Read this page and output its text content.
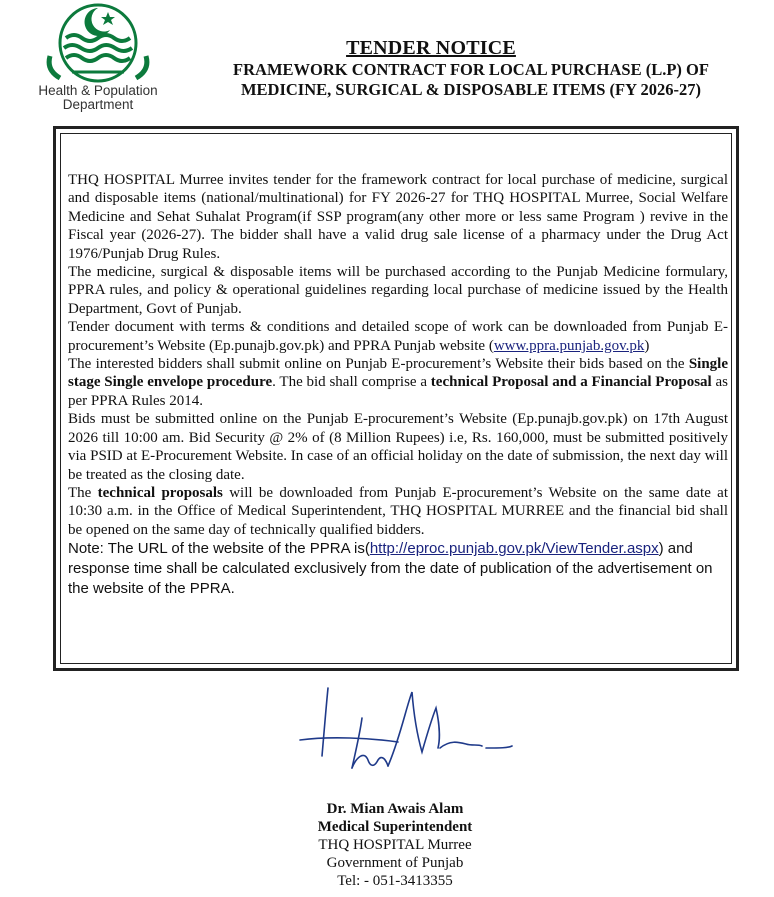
Health & Population
Department
TENDER NOTICE
FRAMEWORK CONTRACT FOR LOCAL PURCHASE (L.P) OF
MEDICINE, SURGICAL & DISPOSABLE ITEMS (FY 2026-27)

THQ HOSPITAL Murree invites tender for the framework contract for local purchase of medicine, surgical and disposable items (national/multinational) for FY 2026-27 for THQ HOSPITAL Murree, Social Welfare Medicine and Sehat Suhalat Program(if SSP program(any other more or less same Program ) revive in the Fiscal year (2026-27). The bidder shall have a valid drug sale license of a pharmacy under the Drug Act 1976/Punjab Drug Rules.

The medicine, surgical & disposable items will be purchased according to the Punjab Medicine formulary, PPRA rules, and policy & operational guidelines regarding local purchase of medicine issued by the Health Department, Govt of Punjab.

Tender document with terms & conditions and detailed scope of work can be downloaded from Punjab E-procurement’s Website (Ep.punajb.gov.pk) and PPRA Punjab website (www.ppra.punjab.gov.pk)

The interested bidders shall submit online on Punjab E-procurement’s Website their bids based on the Single stage Single envelope procedure. The bid shall comprise a technical Proposal and a Financial Proposal as per PPRA Rules 2014.

Bids must be submitted online on the Punjab E-procurement’s Website (Ep.punajb.gov.pk) on 17th August 2026 till 10:00 am. Bid Security @ 2% of (8 Million Rupees) i.e, Rs. 160,000, must be submitted positively via PSID at E-Procurement Website. In case of an official holiday on the date of submission, the next day will be treated as the closing date.

The technical proposals will be downloaded from Punjab E-procurement’s Website on the same date at 10:30 a.m. in the Office of Medical Superintendent, THQ HOSPITAL MURREE and the financial bid shall be opened on the same day of technically qualified bidders.

Note: The URL of the website of the PPRA is(http://eproc.punjab.gov.pk/ViewTender.aspx) and response time shall be calculated exclusively from the date of publication of the advertisement on the website of the PPRA.

Dr. Mian Awais Alam
Medical Superintendent
THQ HOSPITAL Murree
Government of Punjab
Tel: - 051-3413355
